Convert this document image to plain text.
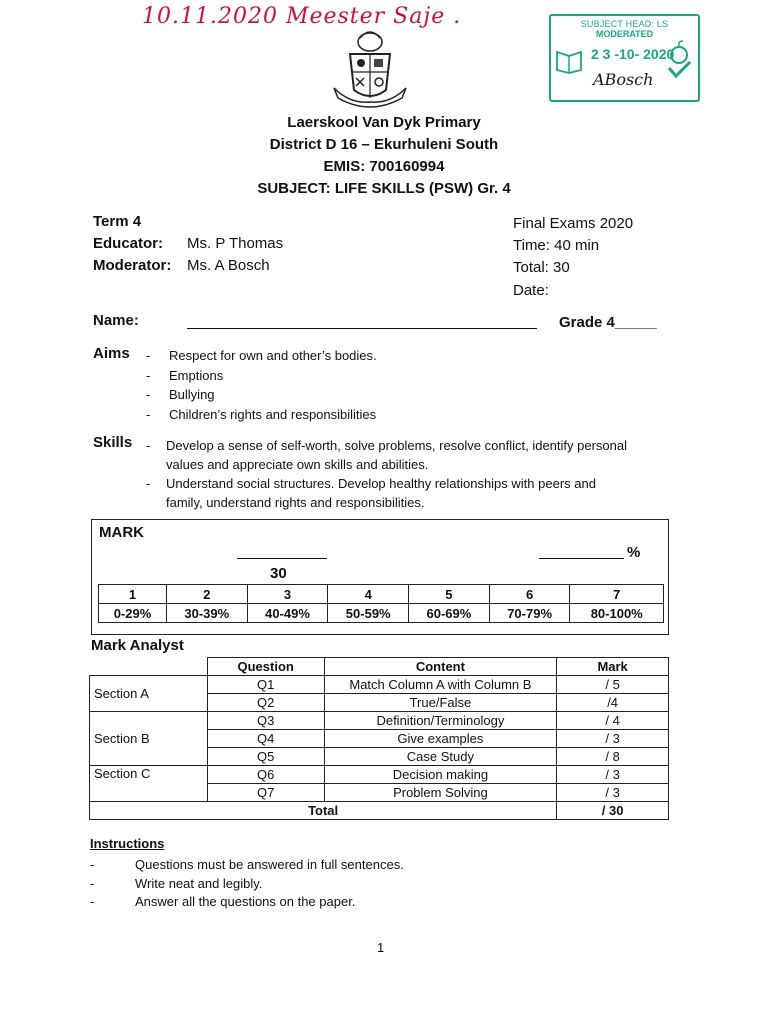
10.11.2020 Meester Saje .	SUBJECT HEAD: LS
MODERATED
2 3 -10- 2020
ABosch
Laerskool Van Dyk Primary
District D 16 – Ekurhuleni South
EMIS: 700160994
SUBJECT: LIFE SKILLS (PSW) Gr. 4
Term 4
Educator: Ms. P Thomas
Moderator: Ms. A Bosch
Final Exams 2020
Time: 40 min
Total: 30
Date:
Name:	Grade 4_____
Aims - Respect for own and other’s bodies.
- Emptions
- Bullying
- Children’s rights and responsibilities
Skills - Develop a sense of self-worth, solve problems, resolve conflict, identify personal
values and appreciate own skills and abilities.
- Understand social structures. Develop healthy relationships with peers and
family, understand rights and responsibilities.
MARK
30
%
1	2	3	4	5	6	7
0-29%	30-39%	40-49%	50-59%	60-69%	70-79%	80-100%
Mark Analyst
	Question	Content	Mark
Section A	Q1	Match Column A with Column B	/ 5
	Q2	True/False	/4
Section B	Q3	Definition/Terminology	/ 4
	Q4	Give examples	/ 3
	Q5	Case Study	/ 8
Section C	Q6	Decision making	/ 3
	Q7	Problem Solving	/ 3
Total			/ 30
Instructions
-	Questions must be answered in full sentences.
-	Write neat and legibly.
-	Answer all the questions on the paper.
1
